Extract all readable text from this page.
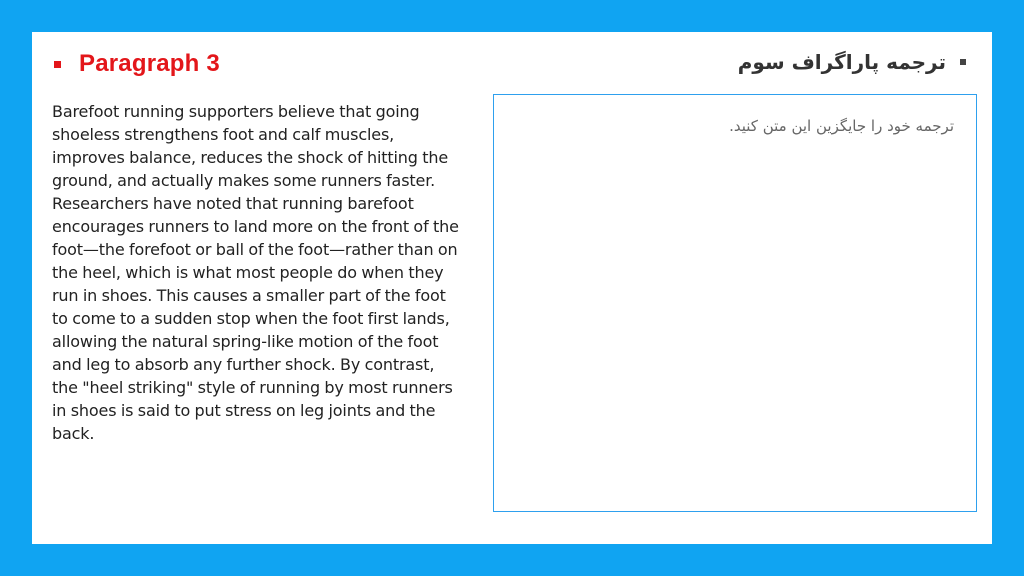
Paragraph 3	ترجمه پاراگراف سوم
Barefoot running supporters believe that going shoeless strengthens foot and calf muscles, improves balance, reduces the shock of hitting the ground, and actually makes some runners faster. Researchers have noted that running barefoot encourages runners to land more on the front of the foot—the forefoot or ball of the foot—rather than on the heel, which is what most people do when they run in shoes. This causes a smaller part of the foot to come to a sudden stop when the foot first lands, allowing the natural spring-like motion of the foot and leg to absorb any further shock. By contrast, the "heel striking" style of running by most runners in shoes is said to put stress on leg joints and the back.
ترجمه خود را جایگزین این متن کنید.
